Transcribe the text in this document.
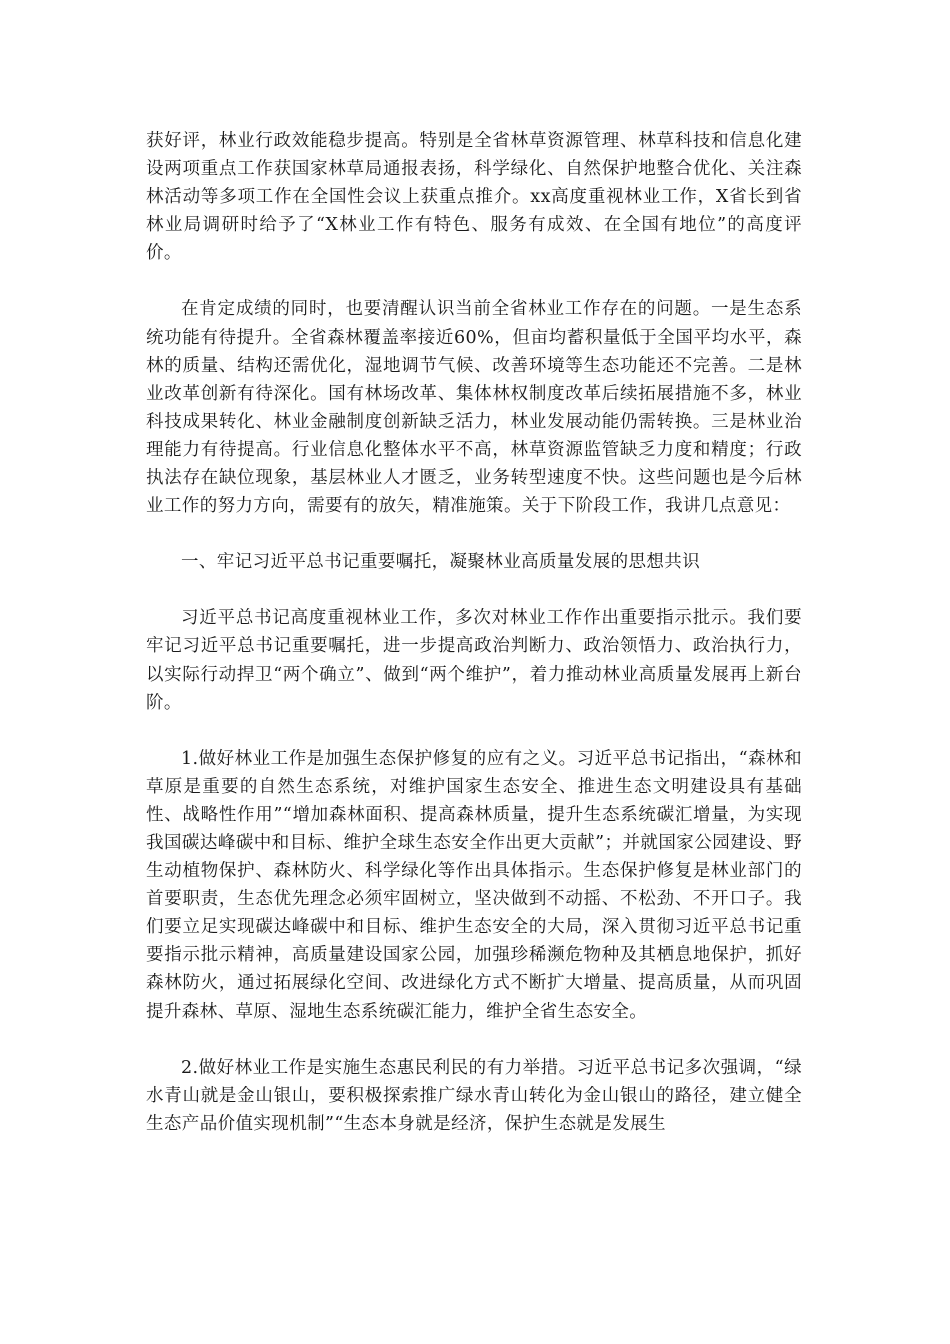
获好评，林业行政效能稳步提高。特别是全省林草资源管理、林草科技和信息化建设两项重点工作获国家林草局通报表扬，科学绿化、自然保护地整合优化、关注森林活动等多项工作在全国性会议上获重点推介。xx高度重视林业工作，X省长到省林业局调研时给予了“X林业工作有特色、服务有成效、在全国有地位”的高度评价。

在肯定成绩的同时，也要清醒认识当前全省林业工作存在的问题。一是生态系统功能有待提升。全省森林覆盖率接近60%，但亩均蓄积量低于全国平均水平，森林的质量、结构还需优化，湿地调节气候、改善环境等生态功能还不完善。二是林业改革创新有待深化。国有林场改革、集体林权制度改革后续拓展措施不多，林业科技成果转化、林业金融制度创新缺乏活力，林业发展动能仍需转换。三是林业治理能力有待提高。行业信息化整体水平不高，林草资源监管缺乏力度和精度；行政执法存在缺位现象，基层林业人才匮乏，业务转型速度不快。这些问题也是今后林业工作的努力方向，需要有的放矢，精准施策。关于下阶段工作，我讲几点意见：

一、牢记习近平总书记重要嘱托，凝聚林业高质量发展的思想共识

习近平总书记高度重视林业工作，多次对林业工作作出重要指示批示。我们要牢记习近平总书记重要嘱托，进一步提高政治判断力、政治领悟力、政治执行力，以实际行动捍卫“两个确立”、做到“两个维护”，着力推动林业高质量发展再上新台阶。

1.做好林业工作是加强生态保护修复的应有之义。习近平总书记指出，“森林和草原是重要的自然生态系统，对维护国家生态安全、推进生态文明建设具有基础性、战略性作用”“增加森林面积、提高森林质量，提升生态系统碳汇增量，为实现我国碳达峰碳中和目标、维护全球生态安全作出更大贡献”；并就国家公园建设、野生动植物保护、森林防火、科学绿化等作出具体指示。生态保护修复是林业部门的首要职责，生态优先理念必须牢固树立，坚决做到不动摇、不松劲、不开口子。我们要立足实现碳达峰碳中和目标、维护生态安全的大局，深入贯彻习近平总书记重要指示批示精神，高质量建设国家公园，加强珍稀濒危物种及其栖息地保护，抓好森林防火，通过拓展绿化空间、改进绿化方式不断扩大增量、提高质量，从而巩固提升森林、草原、湿地生态系统碳汇能力，维护全省生态安全。

2.做好林业工作是实施生态惠民利民的有力举措。习近平总书记多次强调，“绿水青山就是金山银山，要积极探索推广绿水青山转化为金山银山的路径，建立健全生态产品价值实现机制”“生态本身就是经济，保护生态就是发展生
